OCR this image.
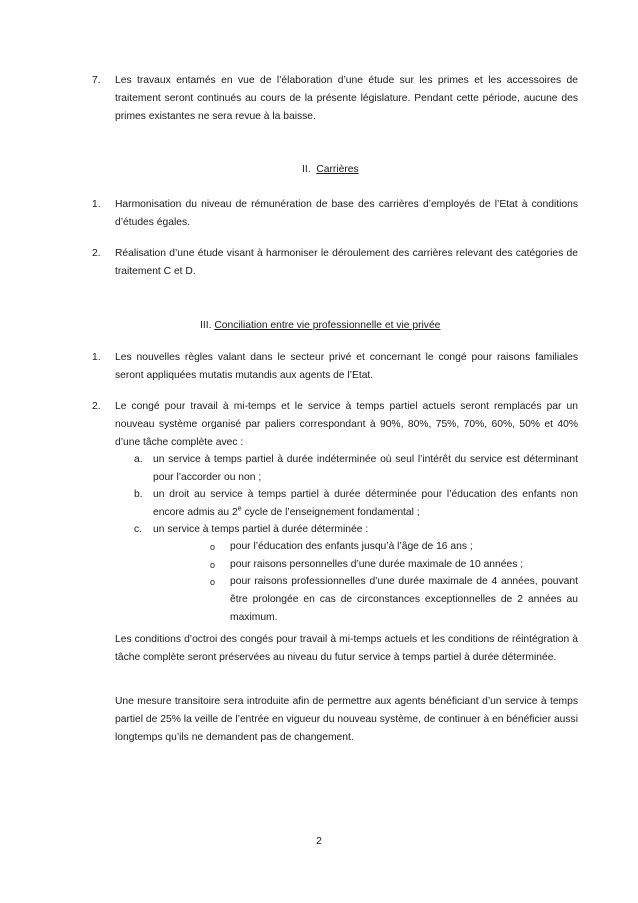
7. Les travaux entamés en vue de l’élaboration d’une étude sur les primes et les accessoires de traitement seront continués au cours de la présente législature. Pendant cette période, aucune des primes existantes ne sera revue à la baisse.
II. Carrières
1. Harmonisation du niveau de rémunération de base des carrières d’employés de l’Etat à conditions d’études égales.
2. Réalisation d’une étude visant à harmoniser le déroulement des carrières relevant des catégories de traitement C et D.
III. Conciliation entre vie professionnelle et vie privée
1. Les nouvelles règles valant dans le secteur privé et concernant le congé pour raisons familiales seront appliquées mutatis mutandis aux agents de l’Etat.
2. Le congé pour travail à mi-temps et le service à temps partiel actuels seront remplacés par un nouveau système organisé par paliers correspondant à 90%, 80%, 75%, 70%, 60%, 50% et 40% d’une tâche complète avec :
a. un service à temps partiel à durée indéterminée où seul l’intérêt du service est déterminant pour l’accorder ou non ;
b. un droit au service à temps partiel à durée déterminée pour l’éducation des enfants non encore admis au 2e cycle de l’enseignement fondamental ;
c. un service à temps partiel à durée déterminée :
o pour l’éducation des enfants jusqu’à l’âge de 16 ans ;
o pour raisons personnelles d’une durée maximale de 10 années ;
o pour raisons professionnelles d’une durée maximale de 4 années, pouvant être prolongée en cas de circonstances exceptionnelles de 2 années au maximum.
Les conditions d’octroi des congés pour travail à mi-temps actuels et les conditions de réintégration à tâche complète seront préservées au niveau du futur service à temps partiel à durée déterminée.
Une mesure transitoire sera introduite afin de permettre aux agents bénéficiant d’un service à temps partiel de 25% la veille de l’entrée en vigueur du nouveau système, de continuer à en bénéficier aussi longtemps qu’ils ne demandent pas de changement.
2
